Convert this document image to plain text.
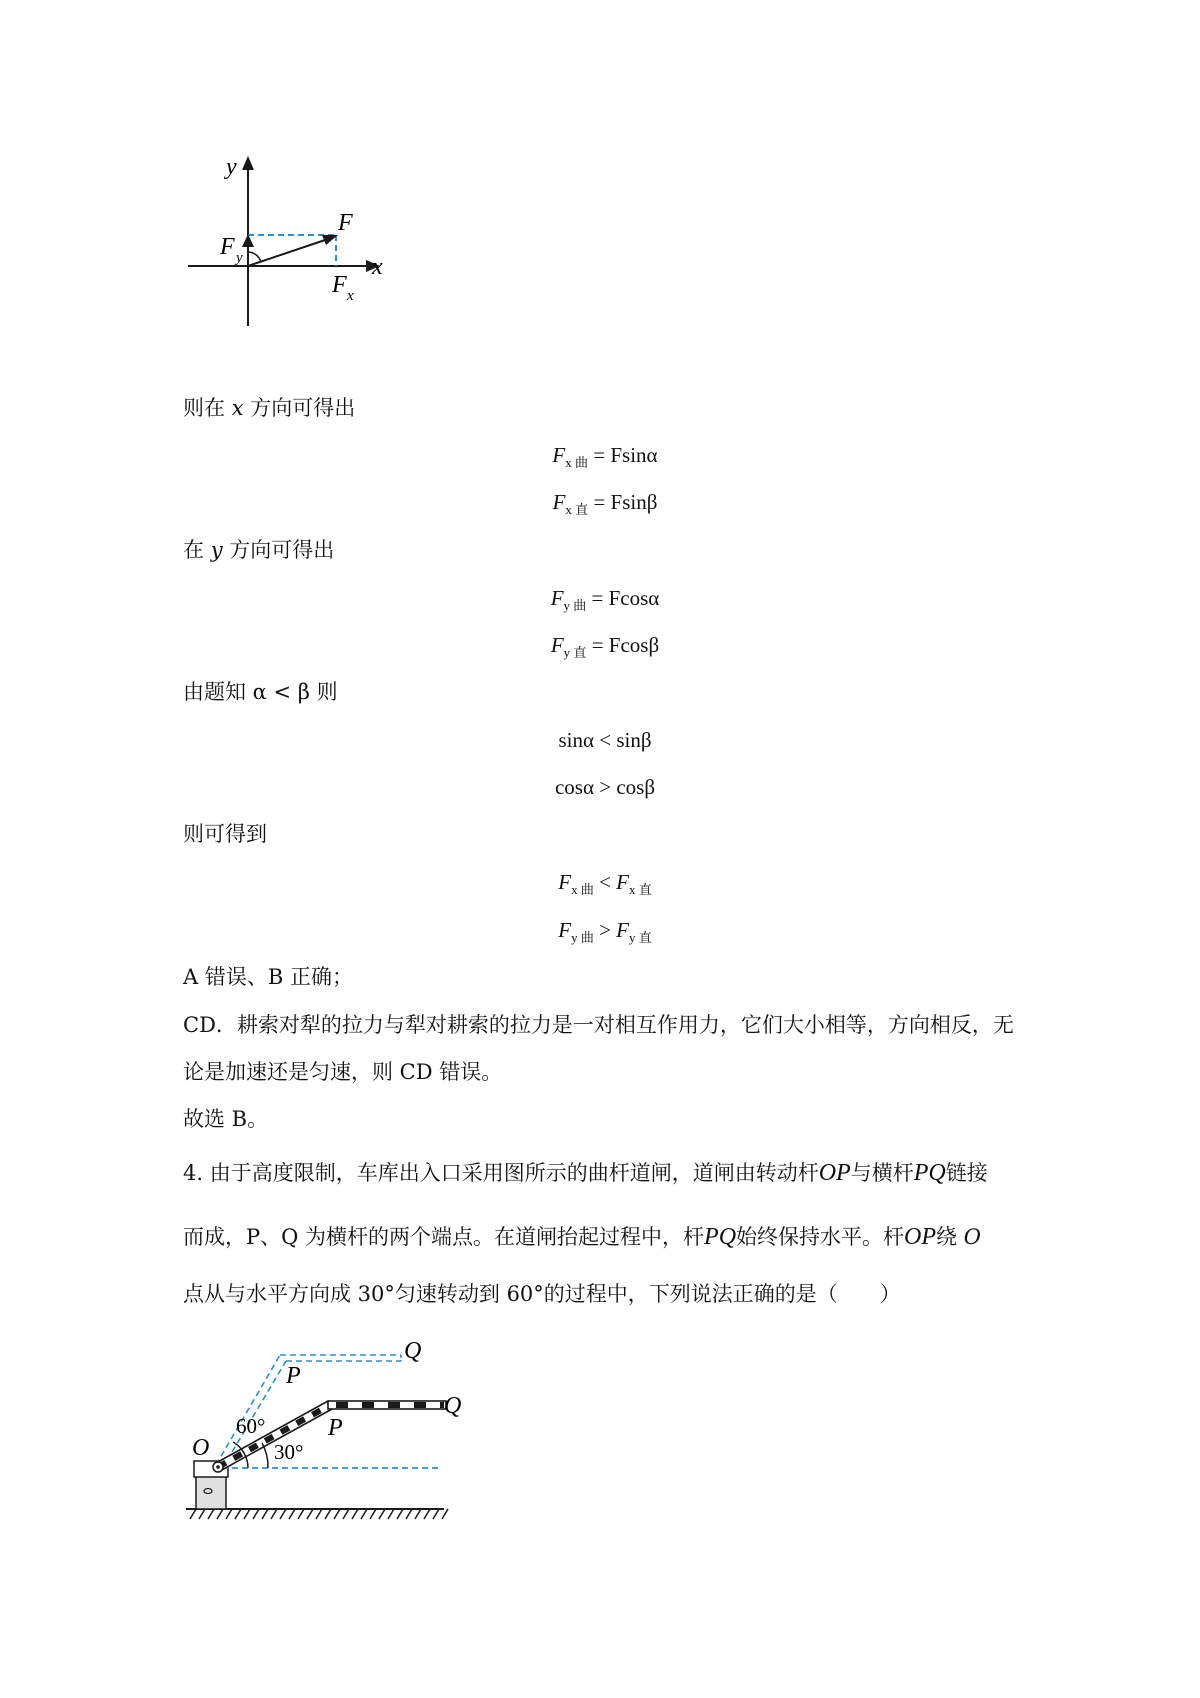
y
x
F
F y
F x
则在 x 方向可得出
$F_{x 曲} = Fsin\alpha$
$F_{x 直} = Fsin\beta$
在 y 方向可得出
$F_{y 曲} = Fcos\alpha$
$F_{y 直} = Fcos\beta$
由题知 α < β 则
sinα < sinβ
cosα > cosβ
则可得到
$F_{x 曲} < F_{x 直}$
$F_{y 曲} > F_{y 直}$
A 错误、B 正确；
CD．耕索对犁的拉力与犁对耕索的拉力是一对相互作用力，它们大小相等，方向相反，无
论是加速还是匀速，则 CD 错误。
故选 B。
4. 由于高度限制，车库出入口采用图所示的曲杆道闸，道闸由转动杆OP与横杆PQ链接
而成，P、Q 为横杆的两个端点。在道闸抬起过程中，杆PQ始终保持水平。杆OP绕 O
点从与水平方向成 30°匀速转动到 60°的过程中，下列说法正确的是（　　）
Q
P
Q
P
O
60°
30°
